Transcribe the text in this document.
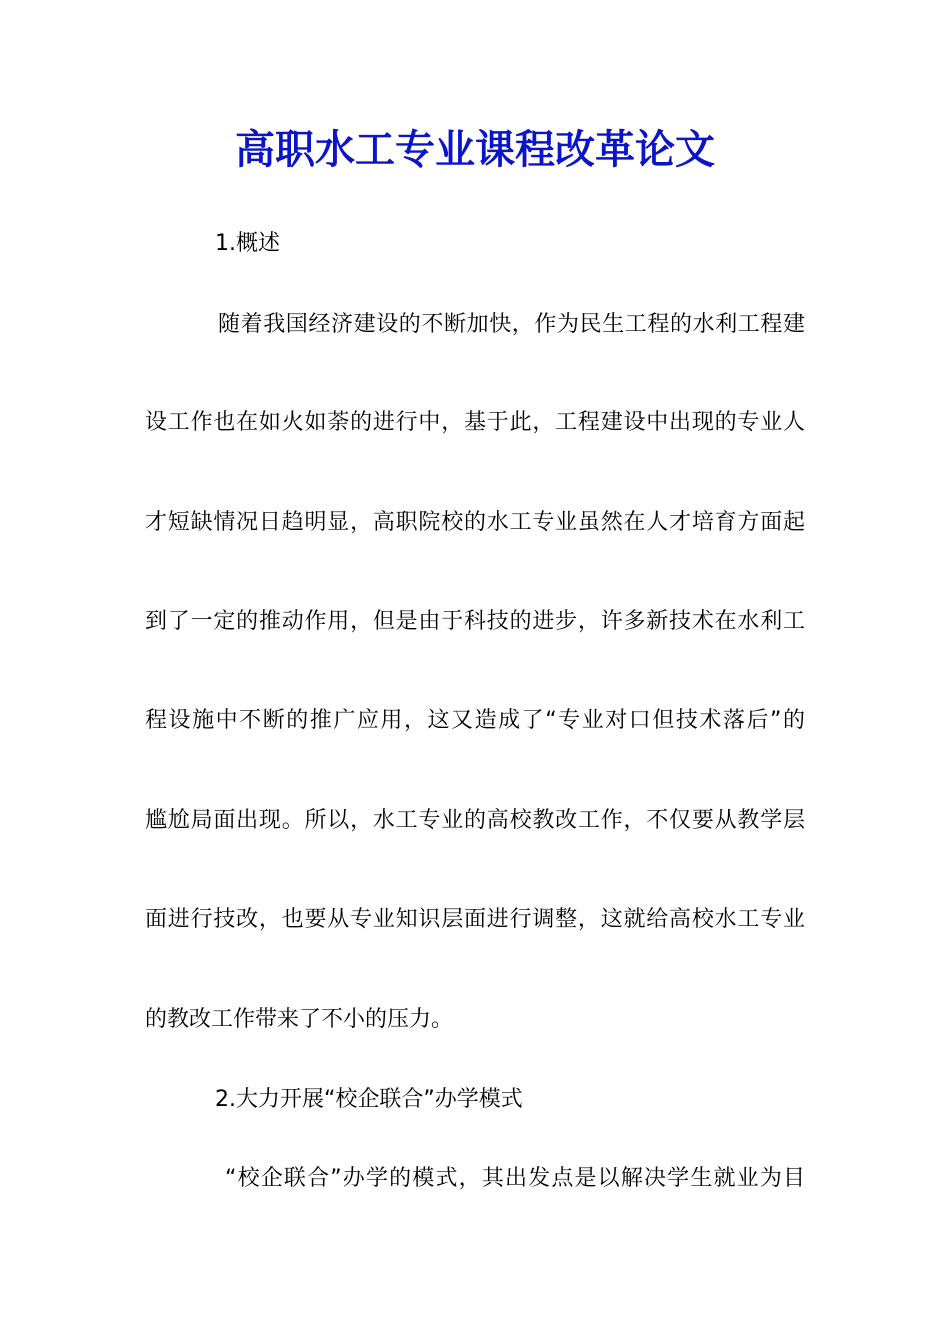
高职水工专业课程改革论文

1.概述

随着我国经济建设的不断加快，作为民生工程的水利工程建

设工作也在如火如荼的进行中，基于此，工程建设中出现的专业人

才短缺情况日趋明显，高职院校的水工专业虽然在人才培育方面起

到了一定的推动作用，但是由于科技的进步，许多新技术在水利工

程设施中不断的推广应用，这又造成了“专业对口但技术落后”的

尴尬局面出现。所以，水工专业的高校教改工作，不仅要从教学层

面进行技改，也要从专业知识层面进行调整，这就给高校水工专业

的教改工作带来了不小的压力。

2.大力开展“校企联合”办学模式

“校企联合”办学的模式，其出发点是以解决学生就业为目
